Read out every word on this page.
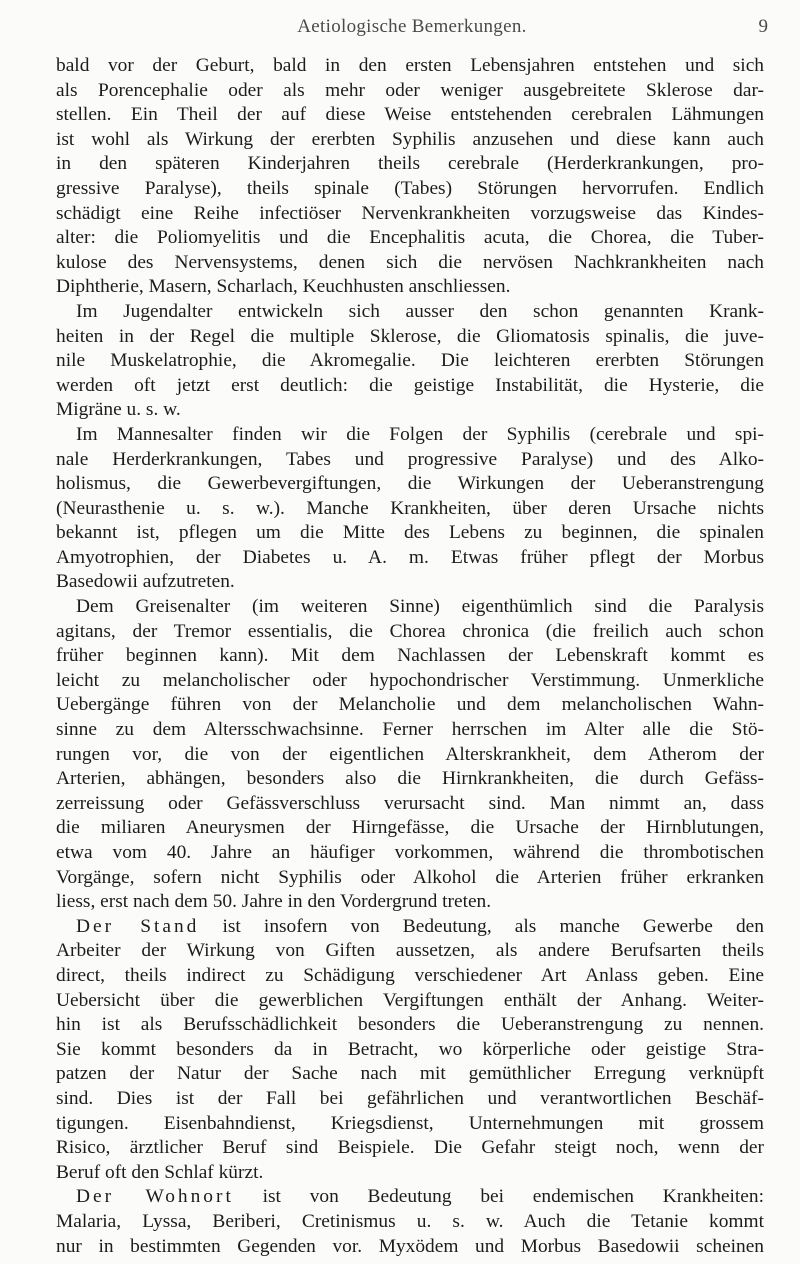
Aetiologische Bemerkungen.	9
bald vor der Geburt, bald in den ersten Lebensjahren entstehen und sich
als Porencephalie oder als mehr oder weniger ausgebreitete Sklerose dar-
stellen. Ein Theil der auf diese Weise entstehenden cerebralen Lähmungen
ist wohl als Wirkung der ererbten Syphilis anzusehen und diese kann auch
in den späteren Kinderjahren theils cerebrale (Herderkrankungen, pro-
gressive Paralyse), theils spinale (Tabes) Störungen hervorrufen. Endlich
schädigt eine Reihe infectiöser Nervenkrankheiten vorzugsweise das Kindes-
alter: die Poliomyelitis und die Encephalitis acuta, die Chorea, die Tuber-
kulose des Nervensystems, denen sich die nervösen Nachkrankheiten nach
Diphtherie, Masern, Scharlach, Keuchhusten anschliessen.
Im Jugendalter entwickeln sich ausser den schon genannten Krank-
heiten in der Regel die multiple Sklerose, die Gliomatosis spinalis, die juve-
nile Muskelatrophie, die Akromegalie. Die leichteren ererbten Störungen
werden oft jetzt erst deutlich: die geistige Instabilität, die Hysterie, die
Migräne u. s. w.
Im Mannesalter finden wir die Folgen der Syphilis (cerebrale und spi-
nale Herderkrankungen, Tabes und progressive Paralyse) und des Alko-
holismus, die Gewerbevergiftungen, die Wirkungen der Ueberanstrengung
(Neurasthenie u. s. w.). Manche Krankheiten, über deren Ursache nichts
bekannt ist, pflegen um die Mitte des Lebens zu beginnen, die spinalen
Amyotrophien, der Diabetes u. A. m. Etwas früher pflegt der Morbus
Basedowii aufzutreten.
Dem Greisenalter (im weiteren Sinne) eigenthümlich sind die Paralysis
agitans, der Tremor essentialis, die Chorea chronica (die freilich auch schon
früher beginnen kann). Mit dem Nachlassen der Lebenskraft kommt es
leicht zu melancholischer oder hypochondrischer Verstimmung. Unmerkliche
Uebergänge führen von der Melancholie und dem melancholischen Wahn-
sinne zu dem Altersschwachsinne. Ferner herrschen im Alter alle die Stö-
rungen vor, die von der eigentlichen Alterskrankheit, dem Atherom der
Arterien, abhängen, besonders also die Hirnkrankheiten, die durch Gefäss-
zerreissung oder Gefässverschluss verursacht sind. Man nimmt an, dass
die miliaren Aneurysmen der Hirngefässe, die Ursache der Hirnblutungen,
etwa vom 40. Jahre an häufiger vorkommen, während die thrombotischen
Vorgänge, sofern nicht Syphilis oder Alkohol die Arterien früher erkranken
liess, erst nach dem 50. Jahre in den Vordergrund treten.
Der Stand ist insofern von Bedeutung, als manche Gewerbe den
Arbeiter der Wirkung von Giften aussetzen, als andere Berufsarten theils
direct, theils indirect zu Schädigung verschiedener Art Anlass geben. Eine
Uebersicht über die gewerblichen Vergiftungen enthält der Anhang. Weiter-
hin ist als Berufsschädlichkeit besonders die Ueberanstrengung zu nennen.
Sie kommt besonders da in Betracht, wo körperliche oder geistige Stra-
patzen der Natur der Sache nach mit gemüthlicher Erregung verknüpft
sind. Dies ist der Fall bei gefährlichen und verantwortlichen Beschäf-
tigungen. Eisenbahndienst, Kriegsdienst, Unternehmungen mit grossem
Risico, ärztlicher Beruf sind Beispiele. Die Gefahr steigt noch, wenn der
Beruf oft den Schlaf kürzt.
Der Wohnort ist von Bedeutung bei endemischen Krankheiten:
Malaria, Lyssa, Beriberi, Cretinismus u. s. w. Auch die Tetanie kommt
nur in bestimmten Gegenden vor. Myxödem und Morbus Basedowii scheinen
